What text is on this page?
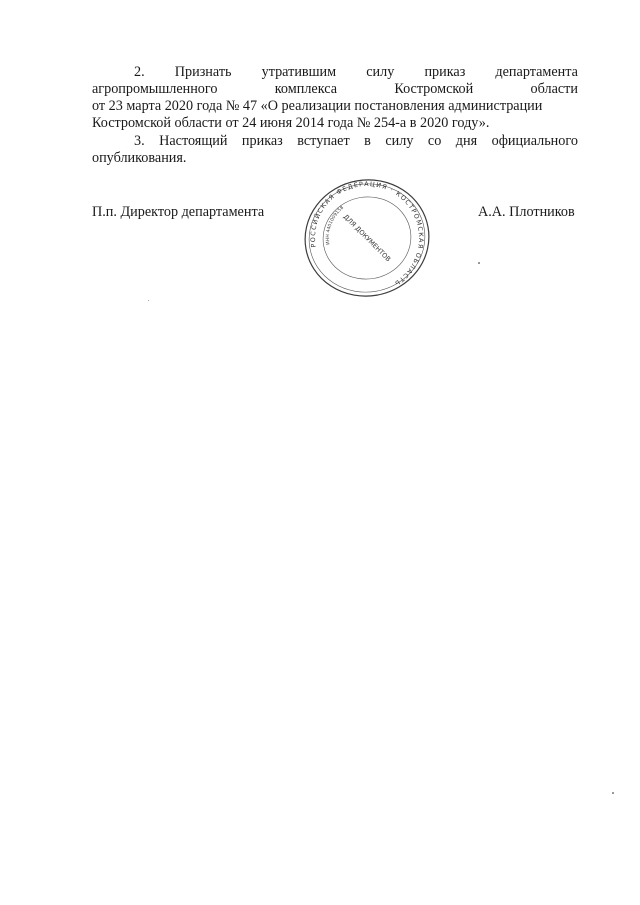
2. Признать утратившим силу приказ департамента
агропромышленного	комплекса	Костромской	области
от 23 марта 2020 года № 47 «О реализации постановления администрации
Костромской области от 24 июня 2014 года № 254-а в 2020 году».
3. Настоящий приказ вступает в силу со дня официального
опубликования.
П.п. Директор департамента	А.А. Плотников
РОССИЙСКАЯ ФЕДЕРАЦИЯ · КОСТРОМСКАЯ ОБЛАСТЬ
ИНН 4401009158
ДЛЯ ДОКУМЕНТОВ
